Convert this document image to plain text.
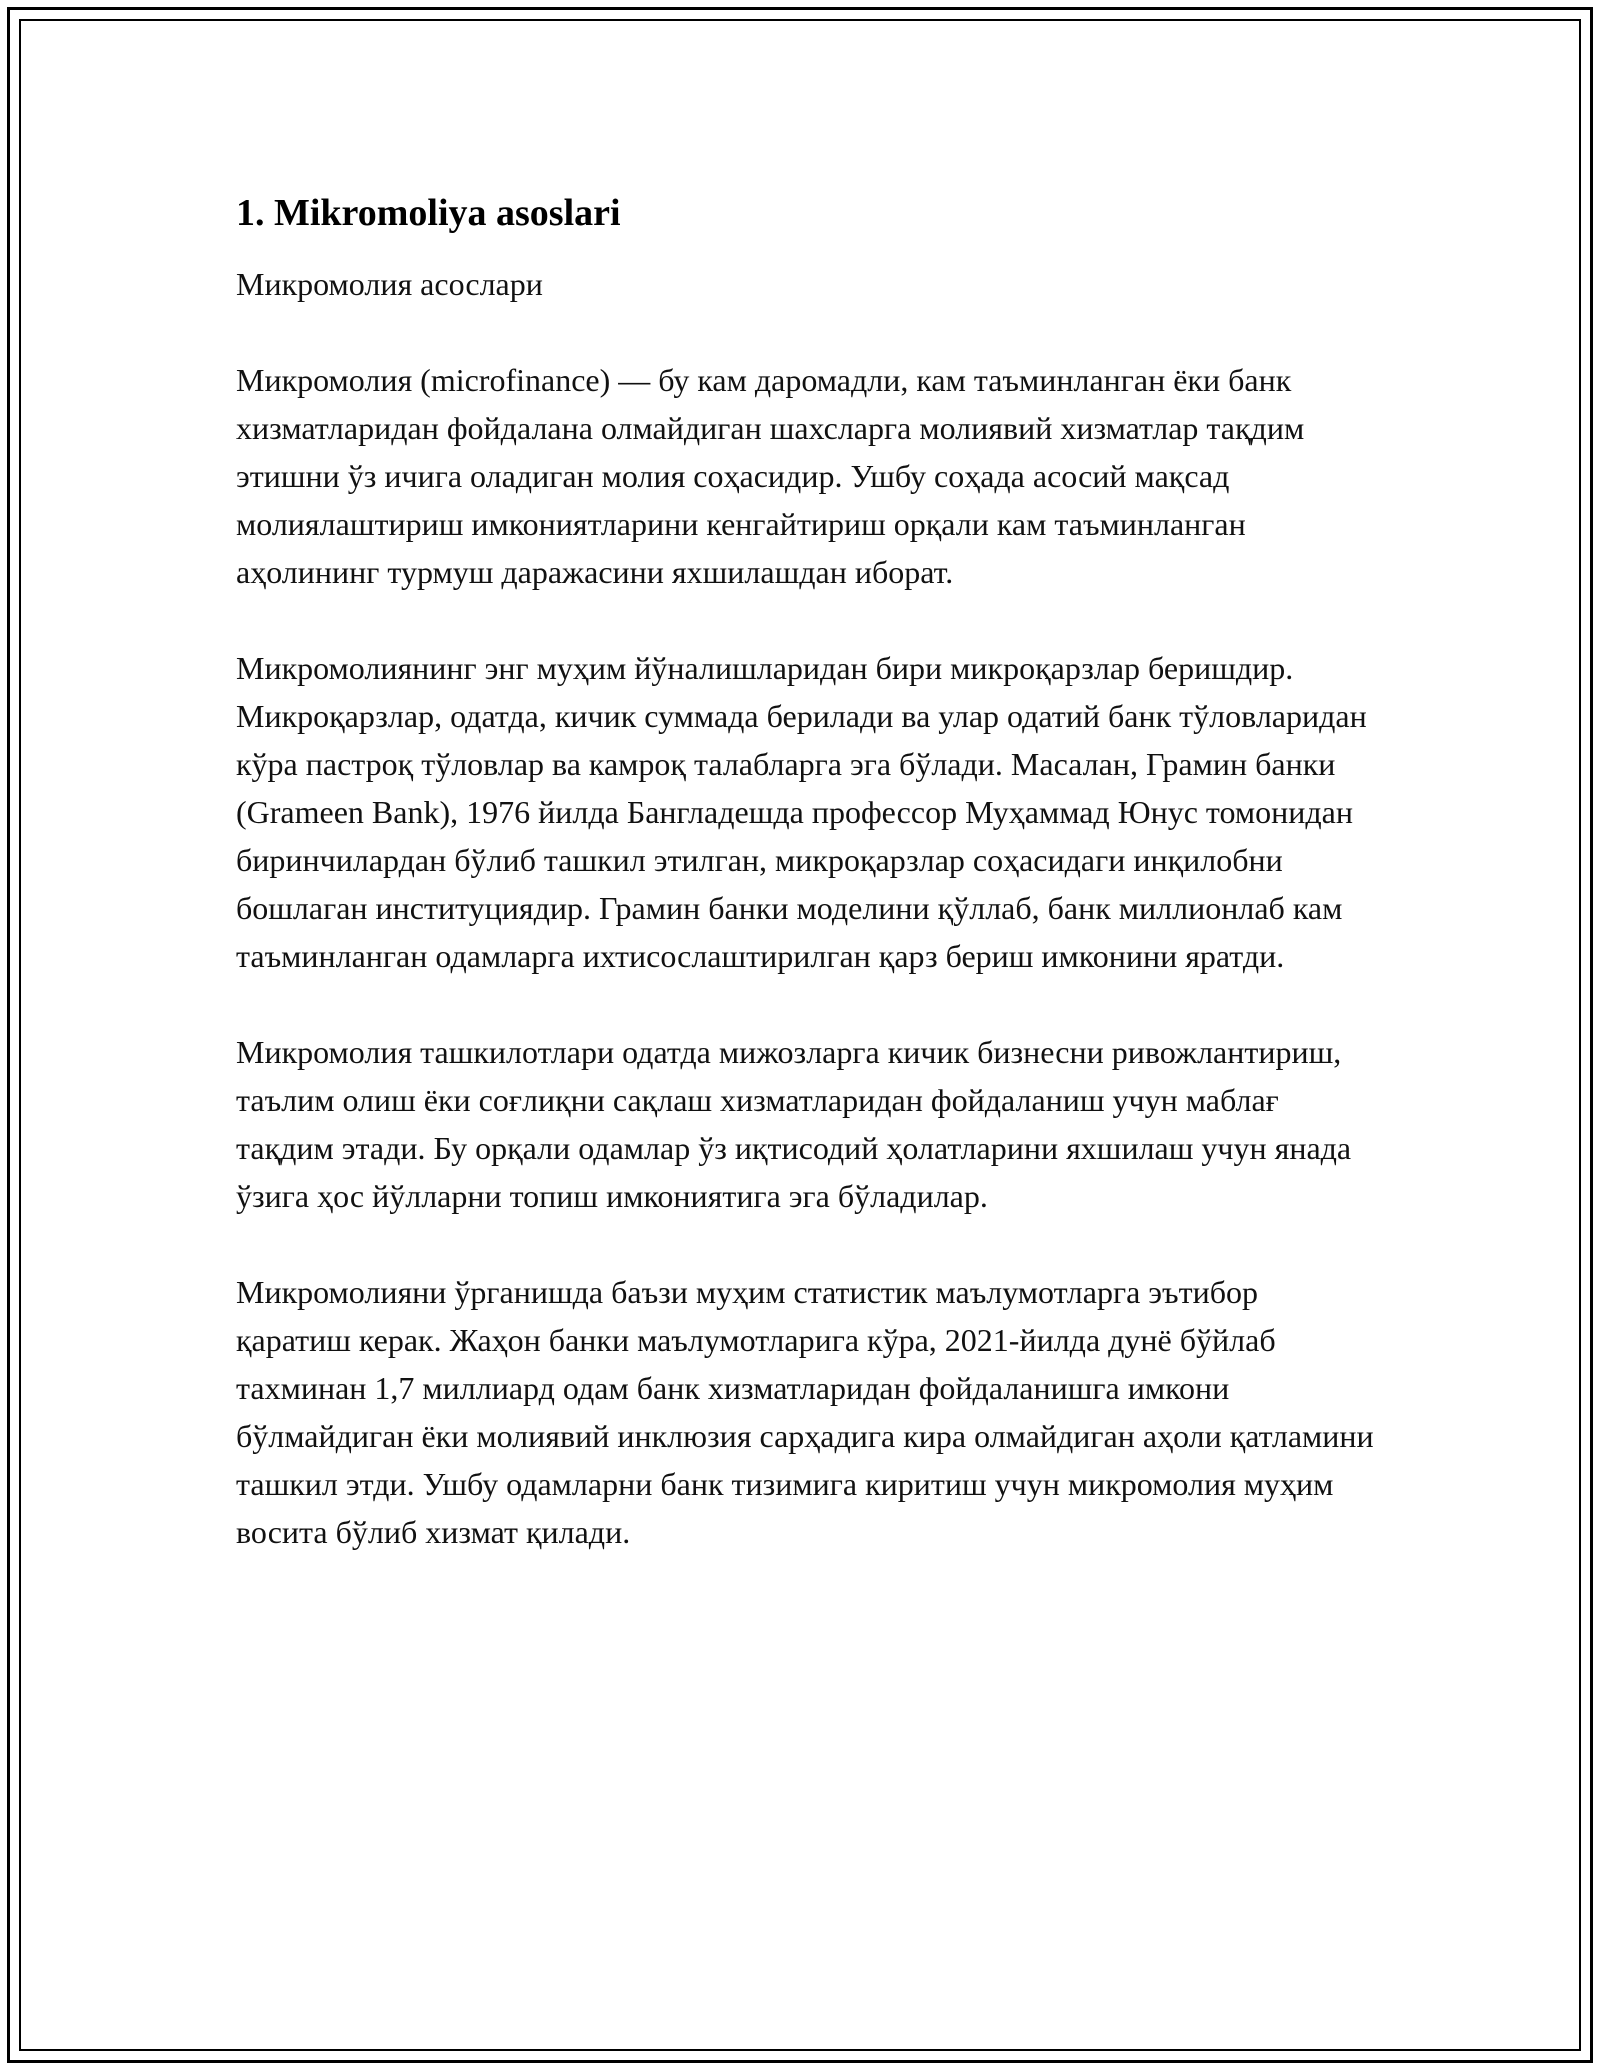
1. Mikromoliya asoslari

Микромолия асослари

Микромолия (microfinance) — бу кам даромадли, кам таъминланган ёки банк хизматларидан фойдалана олмайдиган шахсларга молиявий хизматлар тақдим этишни ўз ичига оладиган молия соҳасидир. Ушбу соҳада асосий мақсад молиялаштириш имкониятларини кенгайтириш орқали кам таъминланган аҳолининг турмуш даражасини яхшилашдан иборат.

Микромолиянинг энг муҳим йўналишларидан бири микроқарзлар беришдир. Микроқарзлар, одатда, кичик суммада берилади ва улар одатий банк тўловларидан кўра пастроқ тўловлар ва камроқ талабларга эга бўлади. Масалан, Грамин банки (Grameen Bank), 1976 йилда Бангладешда профессор Муҳаммад Юнус томонидан биринчилардан бўлиб ташкил этилган, микроқарзлар соҳасидаги инқилобни бошлаган институциядир. Грамин банки моделини қўллаб, банк миллионлаб кам таъминланган одамларга ихтисослаштирилган қарз бериш имконини яратди.

Микромолия ташкилотлари одатда мижозларга кичик бизнесни ривожлантириш, таълим олиш ёки соғлиқни сақлаш хизматларидан фойдаланиш учун маблағ тақдим этади. Бу орқали одамлар ўз иқтисодий ҳолатларини яхшилаш учун янада ўзига ҳос йўлларни топиш имкониятига эга бўладилар.

Микромолияни ўрганишда баъзи муҳим статистик маълумотларга эътибор қаратиш керак. Жаҳон банки маълумотларига кўра, 2021-йилда дунё бўйлаб тахминан 1,7 миллиард одам банк хизматларидан фойдаланишга имкони бўлмайдиган ёки молиявий инклюзия сарҳадига кира олмайдиган аҳоли қатламини ташкил этди. Ушбу одамларни банк тизимига киритиш учун микромолия муҳим восита бўлиб хизмат қилади.
